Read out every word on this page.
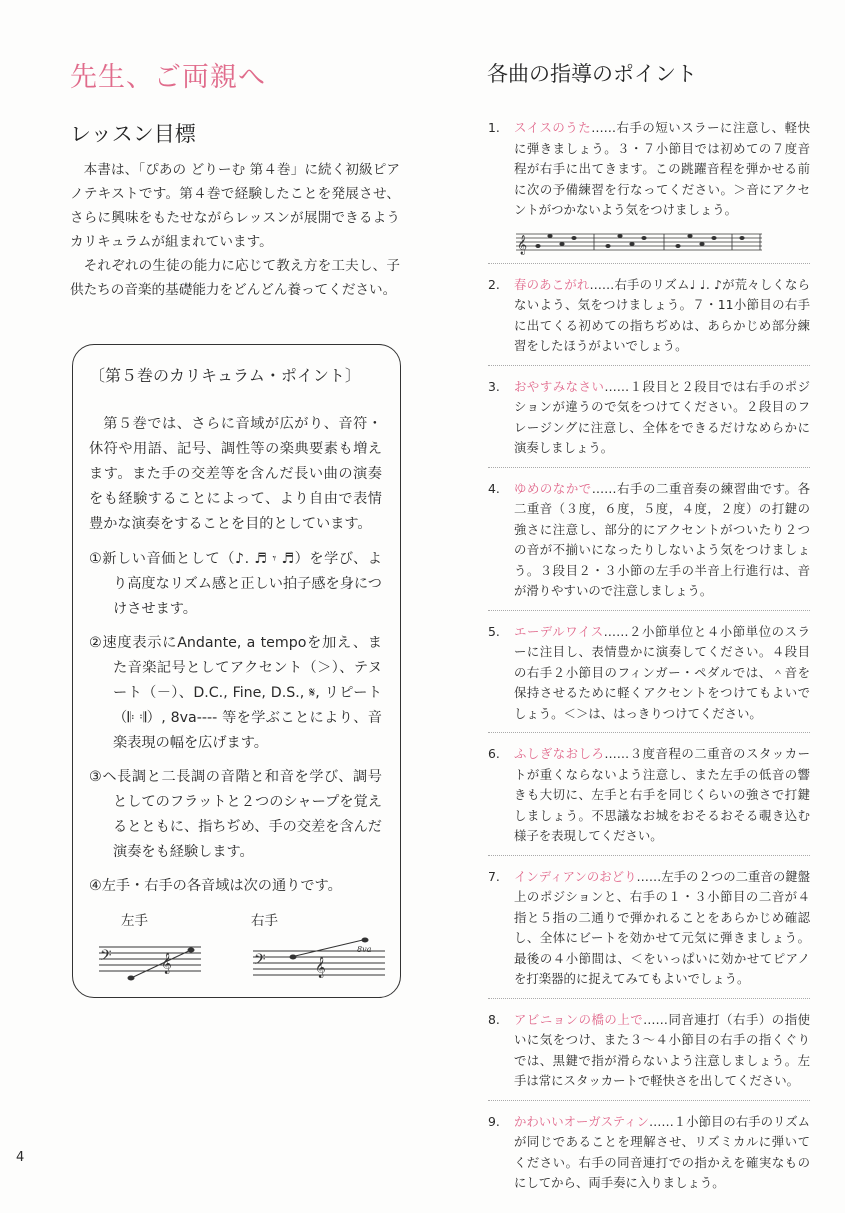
先生、ご両親へ	各曲の指導のポイント
レッスン目標

本書は、「ぴあの どりーむ 第４巻」に続く初級ピアノテキストです。第４巻で経験したことを発展させ、さらに興味をもたせながらレッスンが展開できるようカリキュラムが組まれています。

それぞれの生徒の能力に応じて教え方を工夫し、子供たちの音楽的基礎能力をどんどん養ってください。

〔第５巻のカリキュラム・ポイント〕
第５巻では、さらに音域が広がり、音符・休符や用語、記号、調性等の楽典要素も増えます。また手の交差等を含んだ長い曲の演奏をも経験することによって、より自由で表情豊かな演奏をすることを目的としています。
①新しい音価として（♪. ♬ 𝄾 ♬）を学び、より高度なリズム感と正しい拍子感を身につけさせます。
②速度表示にAndante, a tempoを加え、また音楽記号としてアクセント（＞）、テヌート（－）、D.C., Fine, D.S., 𝄋, リピート（𝄆 𝄇）, 8va‐‐‐‐ 等を学ぶことにより、音楽表現の幅を広げます。
③ヘ長調と二長調の音階と和音を学び、調号としてのフラットと２つのシャープを覚えるとともに、指ちぢめ、手の交差を含んだ演奏をも経験します。
④左手・右手の各音域は次の通りです。
左手	右手
𝄢	𝄞	𝄢	𝄞
8va
1.	スイスのうた……右手の短いスラーに注意し、軽快に弾きましょう。３・７小節目では初めての７度音程が右手に出てきます。この跳躍音程を弾かせる前に次の予備練習を行なってください。＞音にアクセントがつかないよう気をつけましょう。
𝄞
2.	春のあこがれ……右手のリズム♩ ♩. ♪が荒々しくならないよう、気をつけましょう。７・11小節目の右手に出てくる初めての指ちぢめは、あらかじめ部分練習をしたほうがよいでしょう。
3.	おやすみなさい……１段目と２段目では右手のポジションが違うので気をつけてください。２段目のフレージングに注意し、全体をできるだけなめらかに演奏しましょう。
4.	ゆめのなかで……右手の二重音奏の練習曲です。各二重音（３度，６度，５度，４度，２度）の打鍵の強さに注意し、部分的にアクセントがついたり２つの音が不揃いになったりしないよう気をつけましょう。３段目２・３小節の左手の半音上行進行は、音が滑りやすいので注意しましょう。
5.	エーデルワイス……２小節単位と４小節単位のスラーに注目し、表情豊かに演奏してください。４段目の右手２小節目のフィンガー・ペダルでは、＾音を保持させるために軽くアクセントをつけてもよいでしょう。＜＞は、はっきりつけてください。
6.	ふしぎなおしろ……３度音程の二重音のスタッカートが重くならないよう注意し、また左手の低音の響きも大切に、左手と右手を同じくらいの強さで打鍵しましょう。不思議なお城をおそるおそる覗き込む様子を表現してください。
7.	インディアンのおどり……左手の２つの二重音の鍵盤上のポジションと、右手の１・３小節目の二音が４指と５指の二通りで弾かれることをあらかじめ確認し、全体にビートを効かせて元気に弾きましょう。最後の４小節間は、＜をいっぱいに効かせてピアノを打楽器的に捉えてみてもよいでしょう。
8.	アビニョンの橋の上で……同音連打（右手）の指使いに気をつけ、また３～４小節目の右手の指くぐりでは、黒鍵で指が滑らないよう注意しましょう。左手は常にスタッカートで軽快さを出してください。
9.	かわいいオーガスティン……１小節目の右手のリズムが同じであることを理解させ、リズミカルに弾いてください。右手の同音連打での指かえを確実なものにしてから、両手奏に入りましょう。
4
